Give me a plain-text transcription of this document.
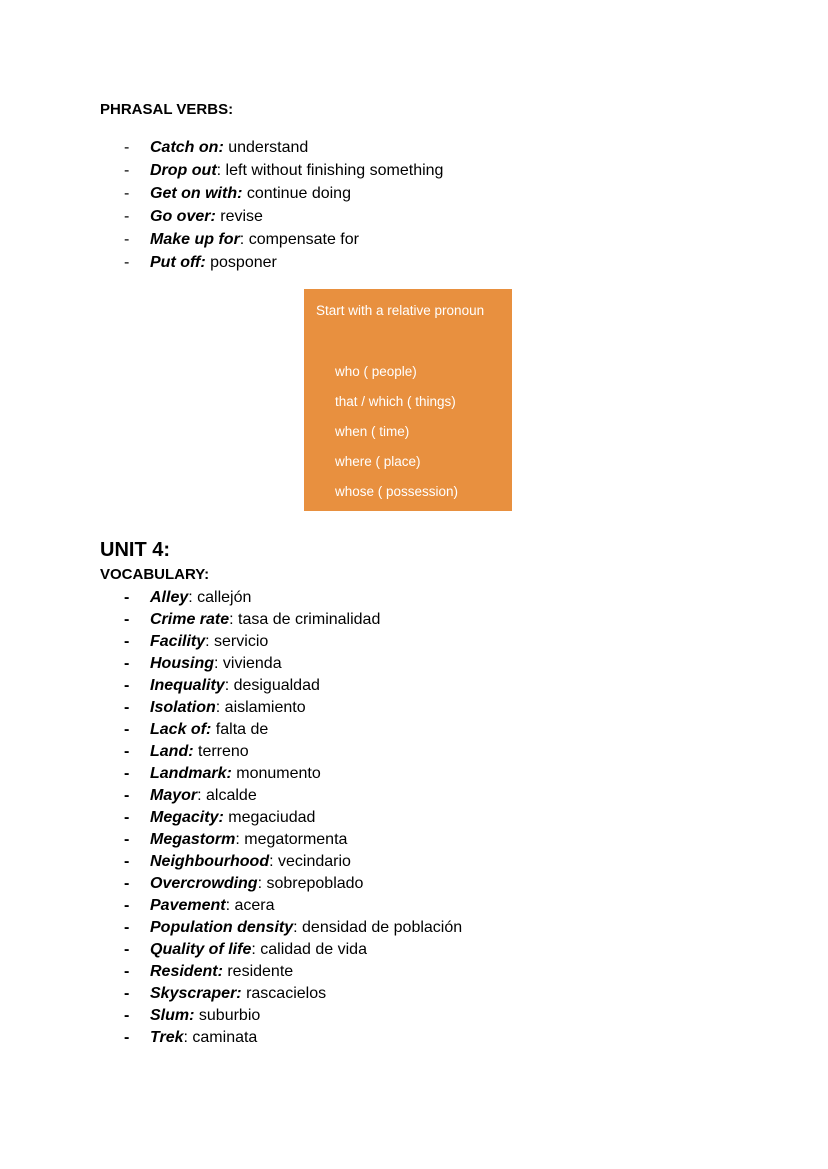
PHRASAL VERBS:
- Catch on: understand
- Drop out: left without finishing something
- Get on with: continue doing
- Go over: revise
- Make up for: compensate for
- Put off: posponer

Start with a relative pronoun

who ( people)
that / which ( things)
when ( time)
where ( place)
whose ( possession)
UNIT 4:
VOCABULARY:
- Alley: callejón
- Crime rate: tasa de criminalidad
- Facility: servicio
- Housing: vivienda
- Inequality: desigualdad
- Isolation: aislamiento
- Lack of: falta de
- Land: terreno
- Landmark: monumento
- Mayor: alcalde
- Megacity: megaciudad
- Megastorm: megatormenta
- Neighbourhood: vecindario
- Overcrowding: sobrepoblado
- Pavement: acera
- Population density: densidad de población
- Quality of life: calidad de vida
- Resident: residente
- Skyscraper: rascacielos
- Slum: suburbio
- Trek: caminata
